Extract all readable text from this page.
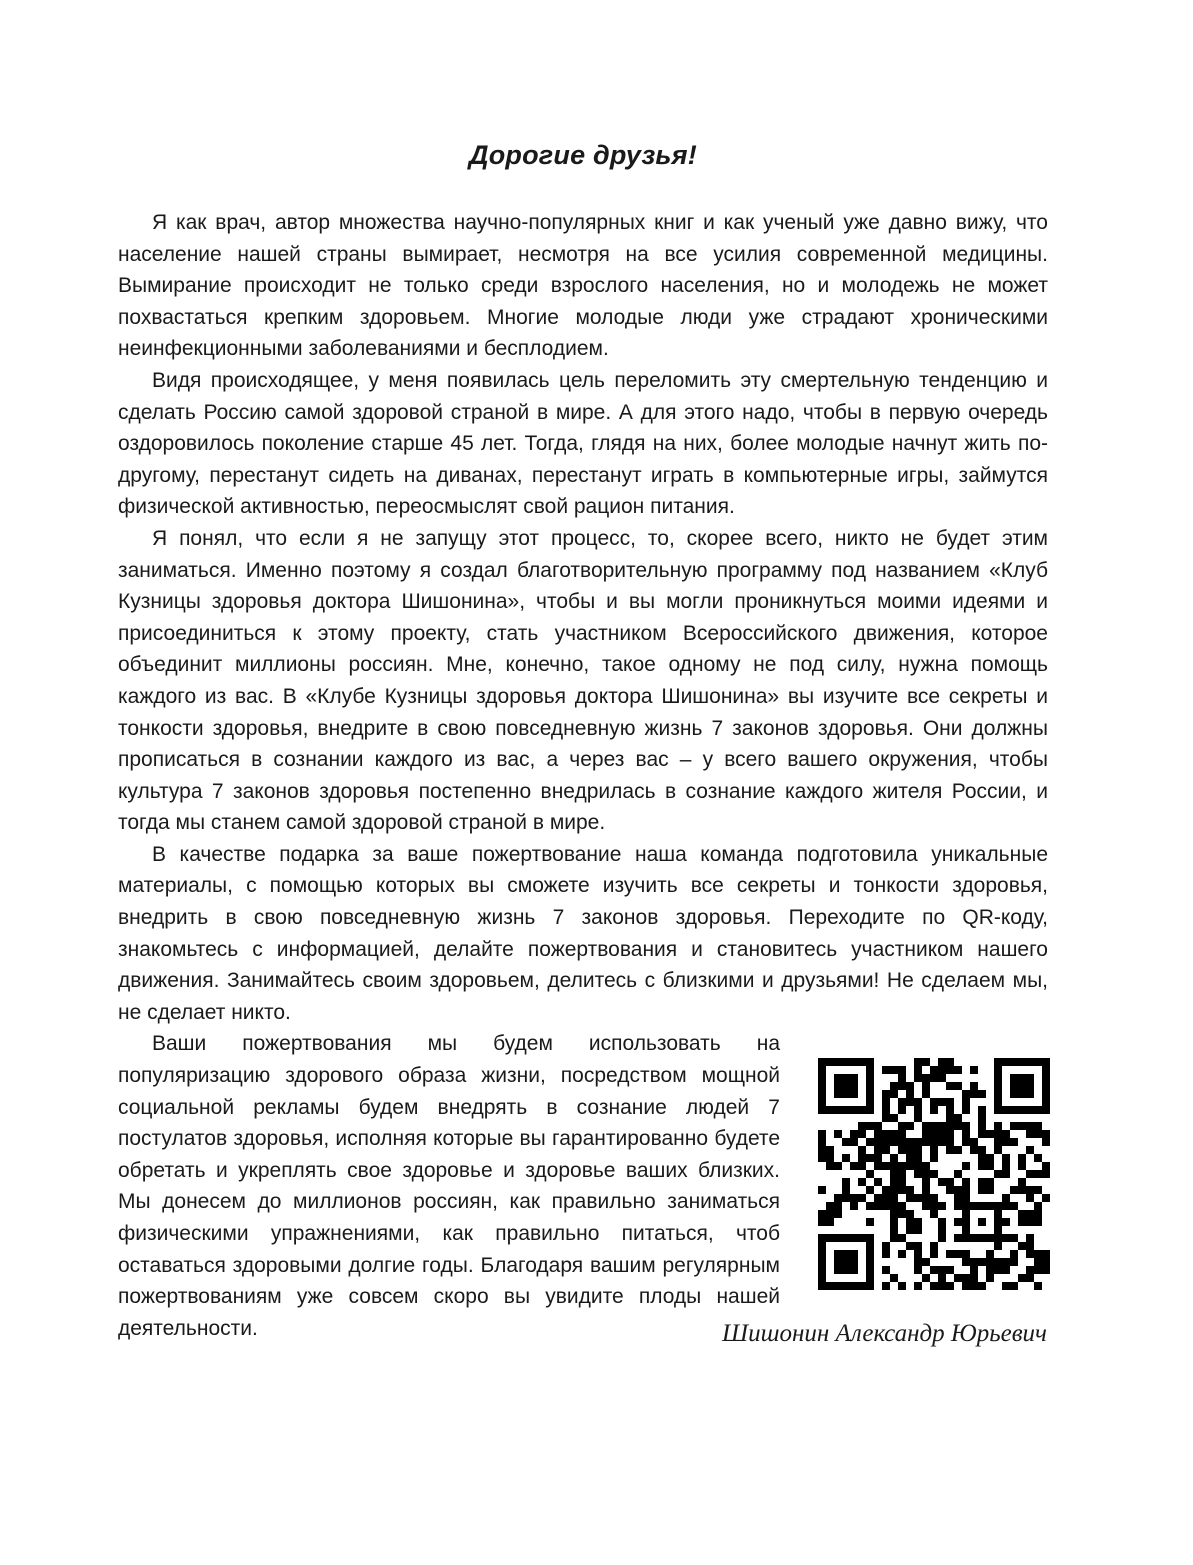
Дорогие друзья!

Я как врач, автор множества научно-популярных книг и как ученый уже давно вижу, что население нашей страны вымирает, несмотря на все усилия современной медицины. Вымирание происходит не только среди взрослого населения, но и молодежь не может похвастаться крепким здоровьем. Многие молодые люди уже страдают хроническими неинфекционными заболеваниями и бесплодием.

Видя происходящее, у меня появилась цель переломить эту смертельную тенденцию и сделать Россию самой здоровой страной в мире. А для этого надо, чтобы в первую очередь оздоровилось поколение старше 45 лет. Тогда, глядя на них, более молодые начнут жить по-другому, перестанут сидеть на диванах, перестанут играть в компьютерные игры, займутся физической активностью, переосмыслят свой рацион питания.

Я понял, что если я не запущу этот процесс, то, скорее всего, никто не будет этим заниматься. Именно поэтому я создал благотворительную программу под названием «Клуб Кузницы здоровья доктора Шишонина», чтобы и вы могли проникнуться моими идеями и присоединиться к этому проекту, стать участником Всероссийского движения, которое объединит миллионы россиян. Мне, конечно, такое одному не под силу, нужна помощь каждого из вас. В «Клубе Кузницы здоровья доктора Шишонина» вы изучите все секреты и тонкости здоровья, внедрите в свою повседневную жизнь 7 законов здоровья. Они должны прописаться в сознании каждого из вас, а через вас – у всего вашего окружения, чтобы культура 7 законов здоровья постепенно внедрилась в сознание каждого жителя России, и тогда мы станем самой здоровой страной в мире.

В качестве подарка за ваше пожертвование наша команда подготовила уникальные материалы, с помощью которых вы сможете изучить все секреты и тонкости здоровья, внедрить в свою повседневную жизнь 7 законов здоровья. Переходите по QR-коду, знакомьтесь с информацией, делайте пожертвования и становитесь участником нашего движения. Занимайтесь своим здоровьем, делитесь с близкими и друзьями! Не сделаем мы, не сделает никто.

Ваши пожертвования мы будем использовать на популяризацию здорового образа жизни, посредством мощной социальной рекламы будем внедрять в сознание людей 7 постулатов здоровья, исполняя которые вы гарантированно будете обретать и укреплять свое здоровье и здоровье ваших близких. Мы донесем до миллионов россиян, как правильно заниматься физическими упражнениями, как правильно питаться, чтоб оставаться здоровыми долгие годы. Благодаря вашим регулярным пожертвованиям уже совсем скоро вы увидите плоды нашей деятельности.	Шишонин Александр Юрьевич
